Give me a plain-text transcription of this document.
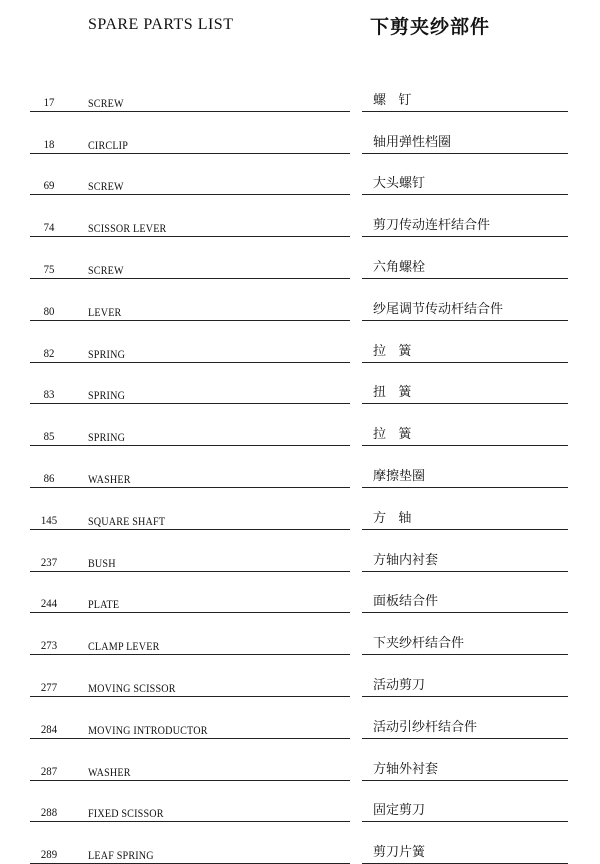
SPARE PARTS LIST	下剪夹纱部件
17	SCREW	螺   钉
18	CIRCLIP	轴用弹性档圈
69	SCREW	大头螺钉
74	SCISSOR LEVER	剪刀传动连杆结合件
75	SCREW	六角螺栓
80	LEVER	纱尾调节传动杆结合件
82	SPRING	拉   簧
83	SPRING	扭   簧
85	SPRING	拉   簧
86	WASHER	摩擦垫圈
145	SQUARE SHAFT	方   轴
237	BUSH	方轴内衬套
244	PLATE	面板结合件
273	CLAMP LEVER	下夹纱杆结合件
277	MOVING SCISSOR	活动剪刀
284	MOVING INTRODUCTOR	活动引纱杆结合件
287	WASHER	方轴外衬套
288	FIXED SCISSOR	固定剪刀
289	LEAF SPRING	剪刀片簧
